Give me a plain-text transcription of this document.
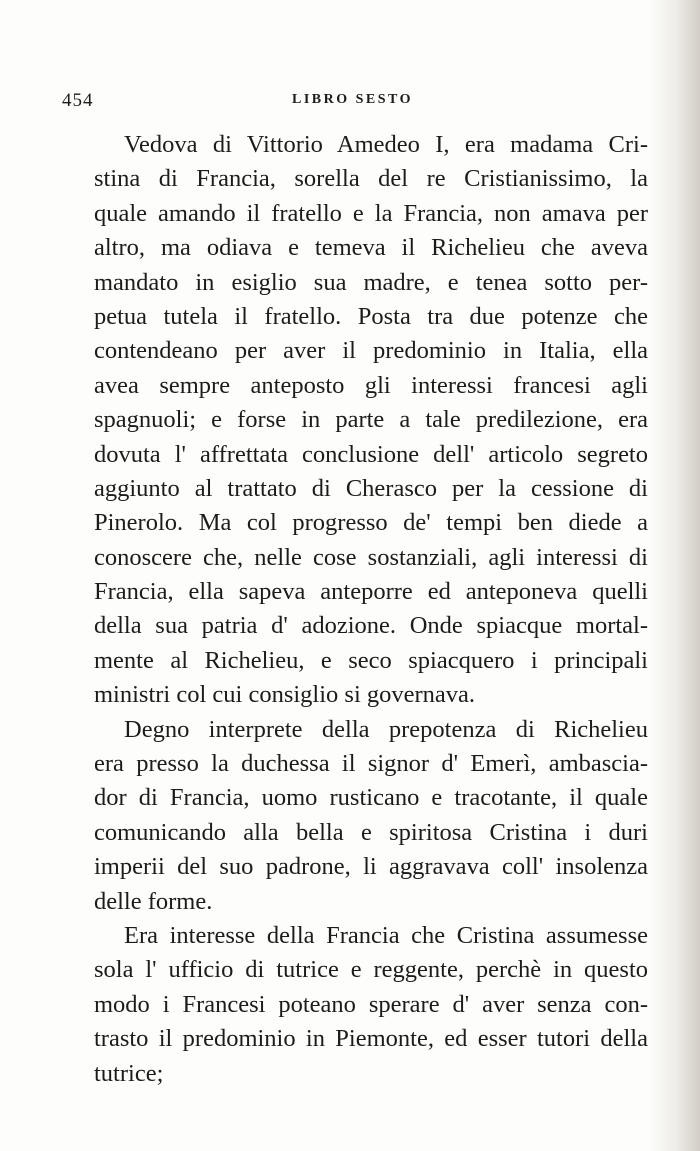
454	LIBRO SESTO
Vedova di Vittorio Amedeo I, era madama Cri-
stina di Francia, sorella del re Cristianissimo, la
quale amando il fratello e la Francia, non amava per
altro, ma odiava e temeva il Richelieu che aveva
mandato in esiglio sua madre, e tenea sotto per-
petua tutela il fratello. Posta tra due potenze che
contendeano per aver il predominio in Italia, ella
avea sempre anteposto gli interessi francesi agli
spagnuoli; e forse in parte a tale predilezione, era
dovuta l' affrettata conclusione dell' articolo segreto
aggiunto al trattato di Cherasco per la cessione di
Pinerolo. Ma col progresso de' tempi ben diede a
conoscere che, nelle cose sostanziali, agli interessi di
Francia, ella sapeva anteporre ed anteponeva quelli
della sua patria d' adozione. Onde spiacque mortal-
mente al Richelieu, e seco spiacquero i principali
ministri col cui consiglio si governava.
Degno interprete della prepotenza di Richelieu
era presso la duchessa il signor d' Emerì, ambascia-
dor di Francia, uomo rusticano e tracotante, il quale
comunicando alla bella e spiritosa Cristina i duri
imperii del suo padrone, li aggravava coll' insolenza
delle forme.
Era interesse della Francia che Cristina assumesse
sola l' ufficio di tutrice e reggente, perchè in questo
modo i Francesi poteano sperare d' aver senza con-
trasto il predominio in Piemonte, ed esser tutori della
tutrice;
